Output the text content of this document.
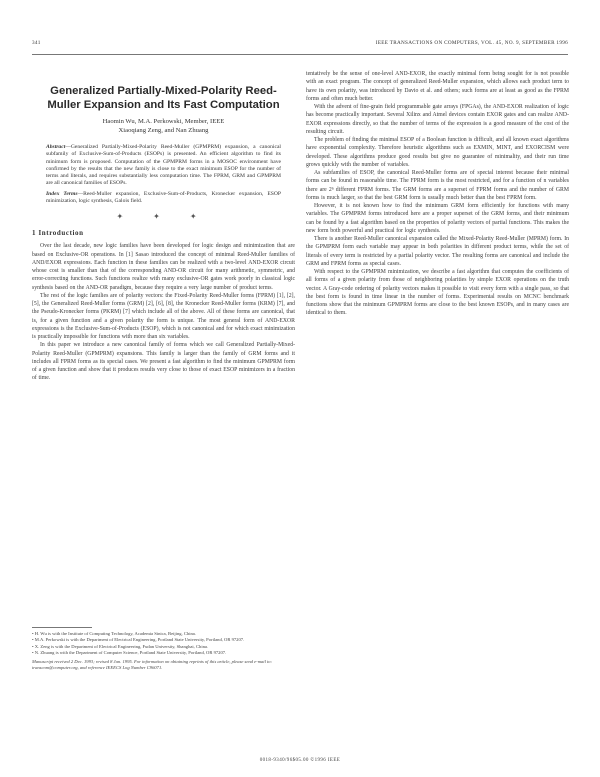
341	IEEE TRANSACTIONS ON COMPUTERS, VOL. 45, NO. 9, SEPTEMBER 1996
Generalized Partially-Mixed-Polarity Reed-Muller Expansion and Its Fast Computation

Haomin Wu, M.A. Perkowski, Member, IEEE

Xiaoqiang Zeng, and Nan Zhuang

Abstract—Generalized Partially-Mixed-Polarity Reed-Muller (GPMPRM) expansion, a canonical subfamily of Exclusive-Sum-of-Products (ESOPs) is presented. An efficient algorithm to find its minimum form is proposed. Computation of the GPMPRM forms in a MOSOC environment have confirmed by the results that the new family is close to the exact minimum ESOP for the number of terms and literals, and requires substantially less computation time. The FPRM, GRM and GPMPRM are all canonical families of ESOPs.

Index Terms—Reed-Muller expansion, Exclusive-Sum-of-Products, Kronecker expansion, ESOP minimization, logic synthesis, Galois field.

✦ ✦ ✦
1 Introduction

Over the last decade, new logic families have been developed for logic design and minimization that are based on Exclusive-OR operations. In [1] Sasao introduced the concept of minimal Reed-Muller families of AND/EXOR expressions. Each function in these families can be realized with a two-level AND-EXOR circuit whose cost is smaller than that of the corresponding AND-OR circuit for many arithmetic, symmetric, and error-correcting functions. Such functions realize with many exclusive-OR gates work poorly in classical logic synthesis based on the AND-OR paradigm, because they require a very large number of product terms.

The rest of the logic families are of polarity vectors: the Fixed-Polarity Reed-Muller forms (FPRM) [1], [2], [5], the Generalized Reed-Muller forms (GRM) [2], [6], [8], the Kronecker Reed-Muller forms (KRM) [7], and the Pseudo-Kronecker forms (PKRM) [7] which include all of the above. All of these forms are canonical, that is, for a given function and a given polarity the form is unique. The most general form of AND-EXOR expressions is the Exclusive-Sum-of-Products (ESOP), which is not canonical and for which exact minimization is practically impossible for functions with more than six variables.

In this paper we introduce a new canonical family of forms which we call Generalized Partially-Mixed-Polarity Reed-Muller (GPMPRM) expansions. This family is larger than the family of GRM forms and it includes all FPRM forms as its special cases. We present a fast algorithm to find the minimum GPMPRM form of a given function and show that it produces results very close to those of exact ESOP minimizers in a fraction of time.

• H. Wu is with the Institute of Computing Technology, Academia Sinica, Beijing, China.
• M.A. Perkowski is with the Department of Electrical Engineering, Portland State University, Portland, OR 97207.
• X. Zeng is with the Department of Electrical Engineering, Fudan University, Shanghai, China.
• N. Zhuang is with the Department of Computer Science, Portland State University, Portland, OR 97207.

Manuscript received 2 Dec. 1993; revised 8 Jan. 1995. For information on obtaining reprints of this article, please send e-mail to: transcom@computer.org, and reference IEEECS Log Number C96071.

tentatively be the sense of one-level AND-EXOR, the exactly minimal form being sought for is not possible with an exact program. The concept of generalized Reed-Muller expansion, which allows each product term to have its own polarity, was introduced by Davio et al. and others; such forms are at least as good as the FPRM forms and often much better.

With the advent of fine-grain field programmable gate arrays (FPGAs), the AND-EXOR realization of logic has become practically important. Several Xilinx and Atmel devices contain EXOR gates and can realize AND-EXOR expressions directly, so that the number of terms of the expression is a good measure of the cost of the resulting circuit.

The problem of finding the minimal ESOP of a Boolean function is difficult, and all known exact algorithms have exponential complexity. Therefore heuristic algorithms such as EXMIN, MINT, and EXORCISM were developed. These algorithms produce good results but give no guarantee of minimality, and their run time grows quickly with the number of variables.

As subfamilies of ESOP, the canonical Reed-Muller forms are of special interest because their minimal forms can be found in reasonable time. The FPRM form is the most restricted, and for a function of n variables there are 2ⁿ different FPRM forms. The GRM forms are a superset of FPRM forms and the number of GRM forms is much larger, so that the best GRM form is usually much better than the best FPRM form.

However, it is not known how to find the minimum GRM form efficiently for functions with many variables. The GPMPRM forms introduced here are a proper superset of the GRM forms, and their minimum can be found by a fast algorithm based on the properties of polarity vectors of partial functions. This makes the new form both powerful and practical for logic synthesis.

There is another Reed-Muller canonical expansion called the Mixed-Polarity Reed-Muller (MPRM) form. In the GPMPRM form each variable may appear in both polarities in different product terms, while the set of literals of every term is restricted by a partial polarity vector. The resulting forms are canonical and include the GRM and FPRM forms as special cases.

With respect to the GPMPRM minimization, we describe a fast algorithm that computes the coefficients of all forms of a given polarity from those of neighboring polarities by simple EXOR operations on the truth vector. A Gray-code ordering of polarity vectors makes it possible to visit every form with a single pass, so that the best form is found in time linear in the number of forms. Experimental results on MCNC benchmark functions show that the minimum GPMPRM forms are close to the best known ESOPs, and in many cases are identical to them.

0018-9340/96$05.00 ©1996 IEEE
